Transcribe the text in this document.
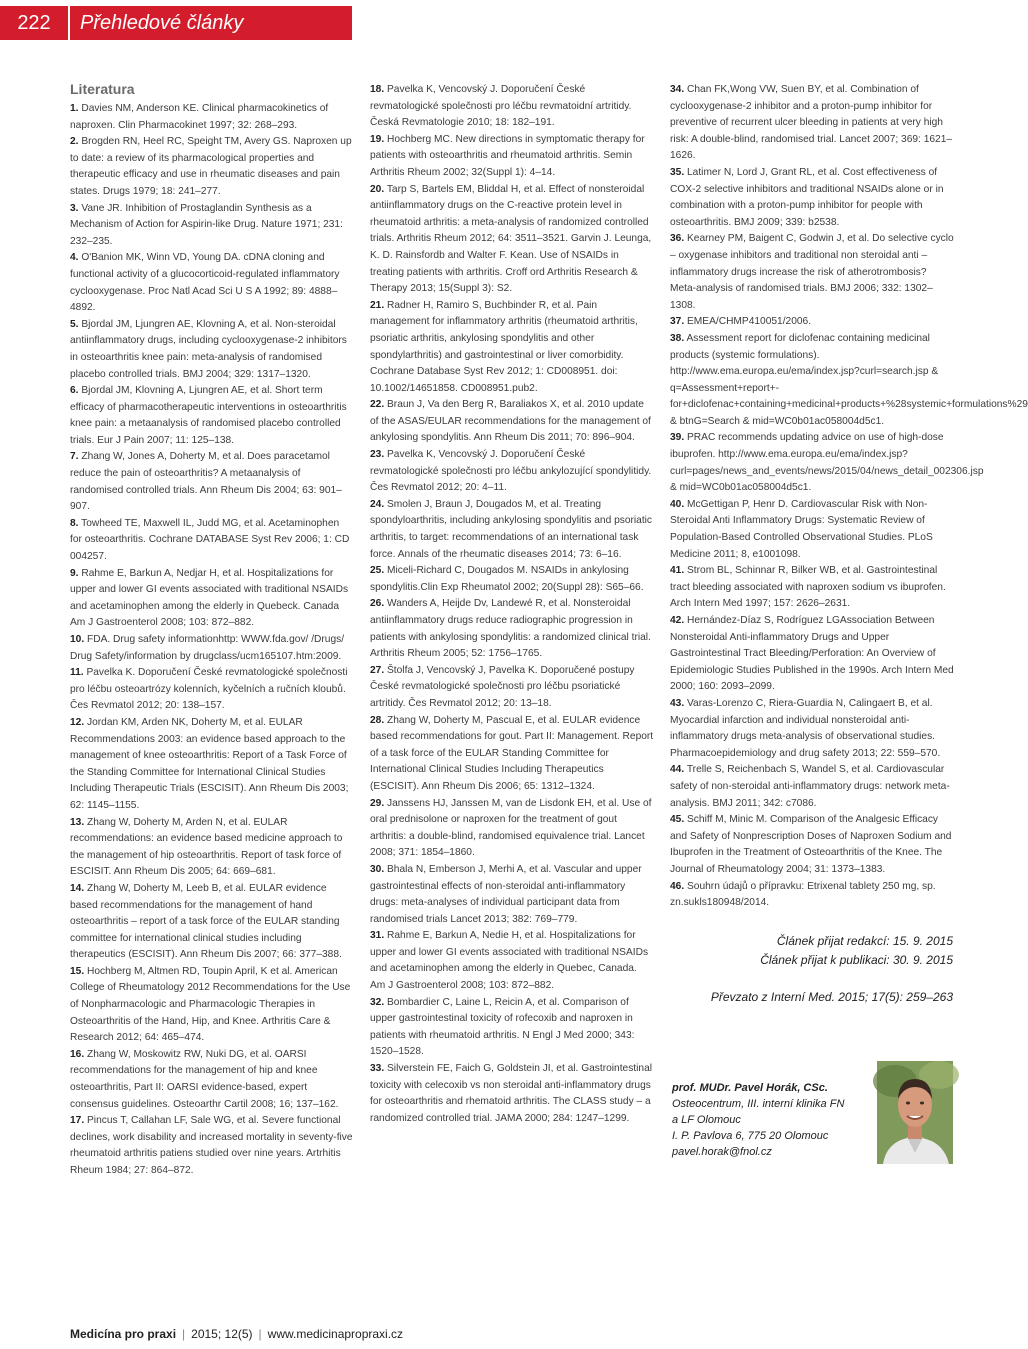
222	Přehledové články

Literatura

1. Davies NM, Anderson KE. Clinical pharmacokinetics of naproxen. Clin Pharmacokinet 1997; 32: 268–293.

2. Brogden RN, Heel RC, Speight TM, Avery GS. Naproxen up to date: a review of its pharmacological properties and therapeutic efficacy and use in rheumatic diseases and pain states. Drugs 1979; 18: 241–277.

3. Vane JR. Inhibition of Prostaglandin Synthesis as a Mechanism of Action for Aspirin-like Drug. Nature 1971; 231: 232–235.

4. O'Banion MK, Winn VD, Young DA. cDNA cloning and functional activity of a glucocorticoid-regulated inflammatory cyclooxygenase. Proc Natl Acad Sci U S A 1992; 89: 4888–4892.

5. Bjordal JM, Ljungren AE, Klovning A, et al. Non-steroidal antiinflammatory drugs, including cyclooxygenase-2 inhibitors in osteoarthritis knee pain: meta-analysis of randomised placebo controlled trials. BMJ 2004; 329: 1317–1320.

6. Bjordal JM, Klovning A, Ljungren AE, et al. Short term efficacy of pharmacotherapeutic interventions in osteoarthritis knee pain: a metaanalysis of randomised placebo controlled trials. Eur J Pain 2007; 11: 125–138.

7. Zhang W, Jones A, Doherty M, et al. Does paracetamol reduce the pain of osteoarthritis? A metaanalysis of randomised controlled trials. Ann Rheum Dis 2004; 63: 901–907.

8. Towheed TE, Maxwell IL, Judd MG, et al. Acetaminophen for osteoarthritis. Cochrane DATABASE Syst Rev 2006; 1: CD 004257.

9. Rahme E, Barkun A, Nedjar H, et al. Hospitalizations for upper and lower GI events associated with traditional NSAIDs and acetaminophen among the elderly in Quebeck. Canada Am J Gastroenterol 2008; 103: 872–882.

10. FDA. Drug safety informationhttp: WWW.fda.gov/ /Drugs/ Drug Safety/information by drugclass/ucm165107.htm:2009.

11. Pavelka K. Doporučení České revmatologické společnosti pro léčbu osteoartrózy kolenních, kyčelních a ručních kloubů. Čes Revmatol 2012; 20: 138–157.

12. Jordan KM, Arden NK, Doherty M, et al. EULAR Recommendations 2003: an evidence based approach to the management of knee osteoarthritis: Report of a Task Force of the Standing Committee for International Clinical Studies Including Therapeutic Trials (ESCISIT). Ann Rheum Dis 2003; 62: 1145–1155.

13. Zhang W, Doherty M, Arden N, et al. EULAR recommendations: an evidence based medicine approach to the management of hip osteoarthritis. Report of task force of ESCISIT. Ann Rheum Dis 2005; 64: 669–681.

14. Zhang W, Doherty M, Leeb B, et al. EULAR evidence based recommendations for the management of hand osteoarthritis – report of a task force of the EULAR standing committee for international clinical studies including therapeutics (ESCISIT). Ann Rheum Dis 2007; 66: 377–388.

15. Hochberg M, Altmen RD, Toupin April, K et al. American College of Rheumatology 2012 Recommendations for the Use of Nonpharmacologic and Pharmacologic Therapies in Osteoarthritis of the Hand, Hip, and Knee. Arthritis Care & Research 2012; 64: 465–474.

16. Zhang W, Moskowitz RW, Nuki DG, et al. OARSI recommendations for the management of hip and knee osteoarthritis, Part II: OARSI evidence-based, expert consensus guidelines. Osteoarthr Cartil 2008; 16; 137–162.

17. Pincus T, Callahan LF, Sale WG, et al. Severe functional declines, work disability and increased mortality in seventy-five rheumatoid arthritis patiens studied over nine years. Artrhitis Rheum 1984; 27: 864–872.

18. Pavelka K, Vencovský J. Doporučení České revmatologické společnosti pro léčbu revmatoidní artritidy. Česká Revmatologie 2010; 18: 182–191.

19. Hochberg MC. New directions in symptomatic therapy for patients with osteoarthritis and rheumatoid arthritis. Semin Arthritis Rheum 2002; 32(Suppl 1): 4–14.

20. Tarp S, Bartels EM, Bliddal H, et al. Effect of nonsteroidal antiinflammatory drugs on the C-reactive protein level in rheumatoid arthritis: a meta-analysis of randomized controlled trials. Arthritis Rheum 2012; 64: 3511–3521. Garvin J. Leunga, K. D. Rainsfordb and Walter F. Kean. Use of NSAIDs in treating patients with arthritis. Croff ord Arthritis Research & Therapy 2013; 15(Suppl 3): S2.

21. Radner H, Ramiro S, Buchbinder R, et al. Pain management for inflammatory arthritis (rheumatoid arthritis, psoriatic arthritis, ankylosing spondylitis and other spondylarthritis) and gastrointestinal or liver comorbidity. Cochrane Database Syst Rev 2012; 1: CD008951. doi: 10.1002/14651858. CD008951.pub2.

22. Braun J, Va den Berg R, Baraliakos X, et al. 2010 update of the ASAS/EULAR recommendations for the management of ankylosing spondylitis. Ann Rheum Dis 2011; 70: 896–904.

23. Pavelka K, Vencovský J. Doporučení České revmatologické společnosti pro léčbu ankylozující spondylitidy. Čes Revmatol 2012; 20: 4–11.

24. Smolen J, Braun J, Dougados M, et al. Treating spondyloarthritis, including ankylosing spondylitis and psoriatic arthritis, to target: recommendations of an international task force. Annals of the rheumatic diseases 2014; 73: 6–16.

25. Miceli-Richard C, Dougados M. NSAIDs in ankylosing spondylitis.Clin Exp Rheumatol 2002; 20(Suppl 28): S65–66.

26. Wanders A, Heijde Dv, Landewé R, et al. Nonsteroidal antiinflammatory drugs reduce radiographic progression in patients with ankylosing spondylitis: a randomized clinical trial. Arthritis Rheum 2005; 52: 1756–1765.

27. Štolfa J, Vencovský J, Pavelka K. Doporučené postupy České revmatologické společnosti pro léčbu psoriatické artritidy. Čes Revmatol 2012; 20: 13–18.

28. Zhang W, Doherty M, Pascual E, et al. EULAR evidence based recommendations for gout. Part II: Management. Report of a task force of the EULAR Standing Committee for International Clinical Studies Including Therapeutics (ESCISIT). Ann Rheum Dis 2006; 65: 1312–1324.

29. Janssens HJ, Janssen M, van de Lisdonk EH, et al. Use of oral prednisolone or naproxen for the treatment of gout arthritis: a double-blind, randomised equivalence trial. Lancet 2008; 371: 1854–1860.

30. Bhala N, Emberson J, Merhi A, et al. Vascular and upper gastrointestinal effects of non-steroidal anti-inflammatory drugs: meta-analyses of individual participant data from randomised trials Lancet 2013; 382: 769–779.

31. Rahme E, Barkun A, Nedie H, et al. Hospitalizations for upper and lower GI events associated with traditional NSAIDs and acetaminophen among the elderly in Quebec, Canada. Am J Gastroenterol 2008; 103: 872–882.

32. Bombardier C, Laine L, Reicin A, et al. Comparison of upper gastrointestinal toxicity of rofecoxib and naproxen in patients with rheumatoid arthritis. N Engl J Med 2000; 343: 1520–1528.

33. Silverstein FE, Faich G, Goldstein JI, et al. Gastrointestinal toxicity with celecoxib vs non steroidal anti-inflammatory drugs for osteoarthritis and rhematoid arthritis. The CLASS study – a randomized controlled trial. JAMA 2000; 284: 1247–1299.

34. Chan FK,Wong VW, Suen BY, et al. Combination of cyclooxygenase-2 inhibitor and a proton-pump inhibitor for preventive of recurrent ulcer bleeding in patients at very high risk: A double-blind, randomised trial. Lancet 2007; 369: 1621–1626.

35. Latimer N, Lord J, Grant RL, et al. Cost effectiveness of COX-2 selective inhibitors and traditional NSAIDs alone or in combination with a proton-pump inhibitor for people with osteoarthritis. BMJ 2009; 339: b2538.

36. Kearney PM, Baigent C, Godwin J, et al. Do selective cyclo – oxygenase inhibitors and traditional non steroidal anti – inflammatory drugs increase the risk of atherotrombosis? Meta-analysis of randomised trials. BMJ 2006; 332: 1302–1308.

37. EMEA/CHMP410051/2006.

38. Assessment report for diclofenac containing medicinal products (systemic formulations). http://www.ema.europa.eu/ema/index.jsp?curl=search.jsp & q=Assessment+report+-for+diclofenac+containing+medicinal+products+%28systemic+formulations%29 & btnG=Search & mid=WC0b01ac058004d5c1.

39. PRAC recommends updating advice on use of high-dose ibuprofen. http://www.ema.europa.eu/ema/index.jsp?curl=pages/news_and_events/news/2015/04/news_detail_002306.jsp & mid=WC0b01ac058004d5c1.

40. McGettigan P, Henr D. Cardiovascular Risk with Non-Steroidal Anti Inflammatory Drugs: Systematic Review of Population-Based Controlled Observational Studies. PLoS Medicine 2011; 8, e1001098.

41. Strom BL, Schinnar R, Bilker WB, et al. Gastrointestinal tract bleeding associated with naproxen sodium vs ibuprofen. Arch Intern Med 1997; 157: 2626–2631.

42. Hernández-Díaz S, Rodríguez LGAssociation Between Nonsteroidal Anti-inflammatory Drugs and Upper Gastrointestinal Tract Bleeding/Perforation: An Overview of Epidemiologic Studies Published in the 1990s. Arch Intern Med 2000; 160: 2093–2099.

43. Varas-Lorenzo C, Riera-Guardia N, Calingaert B, et al. Myocardial infarction and individual nonsteroidal anti-inflammatory drugs meta-analysis of observational studies. Pharmacoepidemiology and drug safety 2013; 22: 559–570.

44. Trelle S, Reichenbach S, Wandel S, et al. Cardiovascular safety of non-steroidal anti-inflammatory drugs: network meta-analysis. BMJ 2011; 342: c7086.

45. Schiff M, Minic M. Comparison of the Analgesic Efficacy and Safety of Nonprescription Doses of Naproxen Sodium and Ibuprofen in the Treatment of Osteoarthritis of the Knee. The Journal of Rheumatology 2004; 31: 1373–1383.

46. Souhrn údajů o přípravku: Etrixenal tablety 250 mg, sp. zn.sukls180948/2014.

Článek přijat redakcí: 15. 9. 2015

Článek přijat k publikaci: 30. 9. 2015

Převzato z Interní Med. 2015; 17(5): 259–263

prof. MUDr. Pavel Horák, CSc.

Osteocentrum, III. interní klinika FN

a LF Olomouc

I. P. Pavlova 6, 775 20 Olomouc

pavel.horak@fnol.cz

Medicína pro praxi | 2015; 12(5) | www.medicinapropraxi.cz
